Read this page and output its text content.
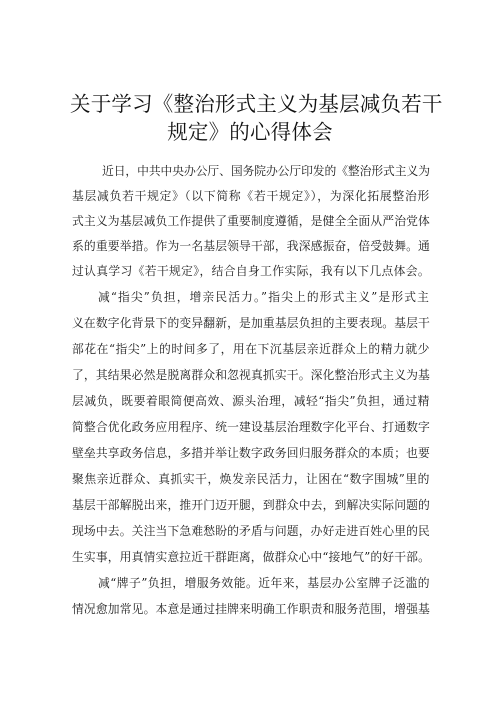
关于学习《整治形式主义为基层减负若干
规定》的心得体会
近日，中共中央办公厅、国务院办公厅印发的《整治形式主义为
基层减负若干规定》（以下简称《若干规定》），为深化拓展整治形
式主义为基层减负工作提供了重要制度遵循，是健全全面从严治党体
系的重要举措。作为一名基层领导干部，我深感振奋，倍受鼓舞。通
过认真学习《若干规定》，结合自身工作实际，我有以下几点体会。
减“指尖”负担，增亲民活力。”指尖上的形式主义”是形式主
义在数字化背景下的变异翻新，是加重基层负担的主要表现。基层干
部花在“指尖”上的时间多了，用在下沉基层亲近群众上的精力就少
了，其结果必然是脱离群众和忽视真抓实干。深化整治形式主义为基
层减负，既要着眼简便高效、源头治理，减轻“指尖”负担，通过精
简整合优化政务应用程序、统一建设基层治理数字化平台、打通数字
壁垒共享政务信息，多措并举让数字政务回归服务群众的本质；也要
聚焦亲近群众、真抓实干，焕发亲民活力，让困在“数字围城”里的
基层干部解脱出来，推开门迈开腿，到群众中去，到解决实际问题的
现场中去。关注当下急难愁盼的矛盾与问题，办好走进百姓心里的民
生实事，用真情实意拉近干群距离，做群众心中“接地气”的好干部。
减“牌子”负担，增服务效能。近年来，基层办公室牌子泛滥的
情况愈加常见。本意是通过挂牌来明确工作职责和服务范围，增强基
